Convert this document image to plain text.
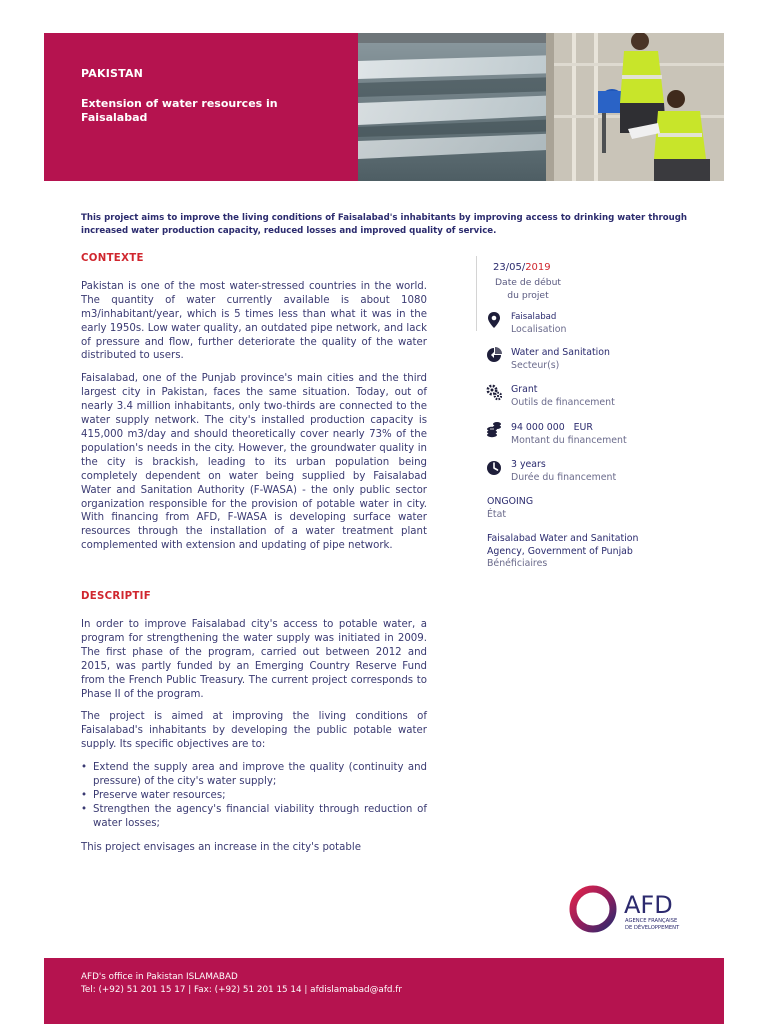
PAKISTAN
Extension of water resources in Faisalabad
This project aims to improve the living conditions of Faisalabad's inhabitants by improving access to drinking water through increased water production capacity, reduced losses and improved quality of service.
CONTEXTE

Pakistan is one of the most water-stressed countries in the world. The quantity of water currently available is about 1080 m3/inhabitant/year, which is 5 times less than what it was in the early 1950s. Low water quality, an outdated pipe network, and lack of pressure and flow, further deteriorate the quality of the water distributed to users.

Faisalabad, one of the Punjab province's main cities and the third largest city in Pakistan, faces the same situation. Today, out of nearly 3.4 million inhabitants, only two-thirds are connected to the water supply network. The city's installed production capacity is 415,000 m3/day and should theoretically cover nearly 73% of the population's needs in the city. However, the groundwater quality in the city is brackish, leading to its urban population being completely dependent on water being supplied by Faisalabad Water and Sanitation Authority (F-WASA) - the only public sector organization responsible for the provision of potable water in city. With financing from AFD, F-WASA is developing surface water resources through the installation of a water treatment plant complemented with extension and updating of pipe network.

DESCRIPTIF

In order to improve Faisalabad city's access to potable water, a program for strengthening the water supply was initiated in 2009. The first phase of the program, carried out between 2012 and 2015, was partly funded by an Emerging Country Reserve Fund from the French Public Treasury. The current project corresponds to Phase II of the program.

The project is aimed at improving the living conditions of Faisalabad's inhabitants by developing the public potable water supply. Its specific objectives are to:

• Extend the supply area and improve the quality (continuity and pressure) of the city's water supply;
• Preserve water resources;
• Strengthen the agency's financial viability through reduction of water losses;

This project envisages an increase in the city's potable

23/05/2019
Date de début du projet
Faisalabad
Localisation
Water and Sanitation
Secteur(s)
Grant
Outils de financement
94 000 000   EUR
Montant du financement
3 years
Durée du financement
ONGOING
État
Faisalabad Water and Sanitation Agency, Government of Punjab
Bénéficiaires
AFD
AGENCE FRANÇAISE
DE DÉVELOPPEMENT
AFD's office in Pakistan ISLAMABAD
Tel: (+92) 51 201 15 17 | Fax: (+92) 51 201 15 14 | afdislamabad@afd.fr
